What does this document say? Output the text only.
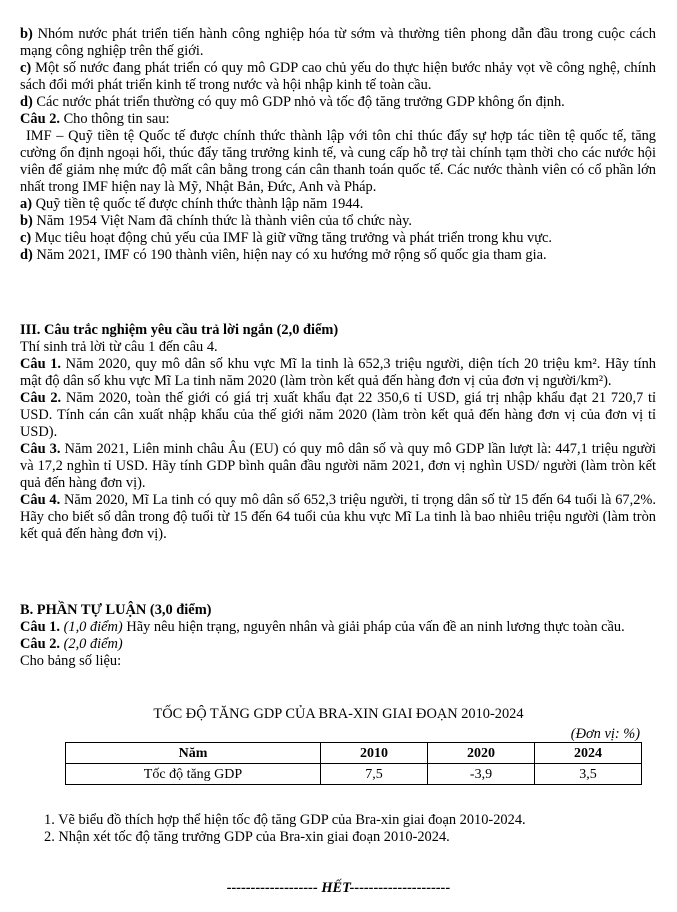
b) Nhóm nước phát triển tiến hành công nghiệp hóa từ sớm và thường tiên phong dẫn đầu trong cuộc cách mạng công nghiệp trên thế giới.

c) Một số nước đang phát triển có quy mô GDP cao chủ yếu do thực hiện bước nhảy vọt về công nghệ, chính sách đổi mới phát triển kinh tế trong nước và hội nhập kinh tế toàn cầu.

d) Các nước phát triển thường có quy mô GDP nhỏ và tốc độ tăng trưởng GDP không ổn định.

Câu 2. Cho thông tin sau:

IMF – Quỹ tiền tệ Quốc tế được chính thức thành lập với tôn chỉ thúc đẩy sự hợp tác tiền tệ quốc tế, tăng cường ổn định ngoại hối, thúc đẩy tăng trưởng kinh tế, và cung cấp hỗ trợ tài chính tạm thời cho các nước hội viên để giảm nhẹ mức độ mất cân bằng trong cán cân thanh toán quốc tế. Các nước thành viên có cổ phần lớn nhất trong IMF hiện nay là Mỹ, Nhật Bản, Đức, Anh và Pháp.

a) Quỹ tiền tệ quốc tế được chính thức thành lập năm 1944.

b) Năm 1954 Việt Nam đã chính thức là thành viên của tổ chức này.

c) Mục tiêu hoạt động chủ yếu của IMF là giữ vững tăng trưởng và phát triển trong khu vực.

d) Năm 2021, IMF có 190 thành viên, hiện nay có xu hướng mở rộng số quốc gia tham gia.

III. Câu trắc nghiệm yêu cầu trả lời ngắn (2,0 điểm)

Thí sinh trả lời từ câu 1 đến câu 4.

Câu 1. Năm 2020, quy mô dân số khu vực Mĩ la tinh là 652,3 triệu người, diện tích 20 triệu km². Hãy tính mật độ dân số khu vực Mĩ La tinh năm 2020 (làm tròn kết quả đến hàng đơn vị của đơn vị người/km²).

Câu 2. Năm 2020, toàn thế giới có giá trị xuất khẩu đạt 22 350,6 tỉ USD, giá trị nhập khẩu đạt 21 720,7 tỉ USD. Tính cán cân xuất nhập khẩu của thế giới năm 2020 (làm tròn kết quả đến hàng đơn vị của đơn vị tỉ USD).

Câu 3. Năm 2021, Liên minh châu Âu (EU) có quy mô dân số và quy mô GDP lần lượt là: 447,1 triệu người và 17,2 nghìn tỉ USD. Hãy tính GDP bình quân đầu người năm 2021, đơn vị nghìn USD/ người (làm tròn kết quả đến hàng đơn vị).

Câu 4. Năm 2020, Mĩ La tinh có quy mô dân số 652,3 triệu người, tỉ trọng dân số từ 15 đến 64 tuổi là 67,2%. Hãy cho biết số dân trong độ tuổi từ 15 đến 64 tuổi của khu vực Mĩ La tinh là bao nhiêu triệu người (làm tròn kết quả đến hàng đơn vị).

B. PHẦN TỰ LUẬN (3,0 điểm)

Câu 1. (1,0 điểm) Hãy nêu hiện trạng, nguyên nhân và giải pháp của vấn đề an ninh lương thực toàn cầu.

Câu 2. (2,0 điểm)

Cho bảng số liệu:

TỐC ĐỘ TĂNG GDP CỦA BRA-XIN GIAI ĐOẠN 2010-2024
(Đơn vị: %)
Năm	2010	2020	2024
Tốc độ tăng GDP	7,5	-3,9	3,5

1. Vẽ biểu đồ thích hợp thể hiện tốc độ tăng GDP của Bra-xin giai đoạn 2010-2024.

2. Nhận xét tốc độ tăng trưởng GDP của Bra-xin giai đoạn 2010-2024.

------------------- HẾT---------------------
